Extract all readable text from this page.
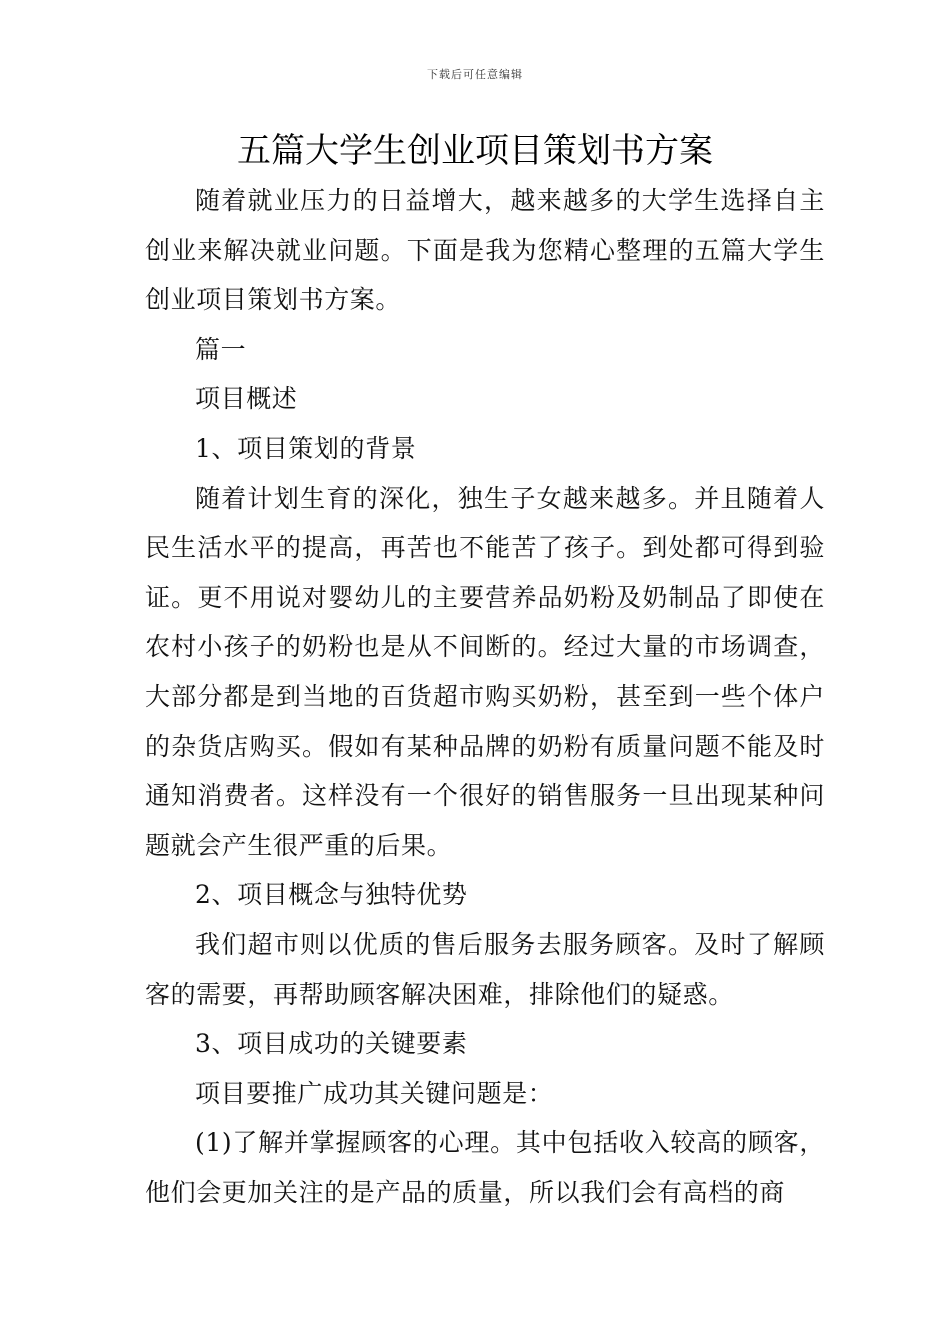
下载后可任意编辑
五篇大学生创业项目策划书方案

随着就业压力的日益增大，越来越多的大学生选择自主创业来解决就业问题。下面是我为您精心整理的五篇大学生创业项目策划书方案。

篇一

项目概述

1、项目策划的背景

随着计划生育的深化，独生子女越来越多。并且随着人民生活水平的提高，再苦也不能苦了孩子。到处都可得到验证。更不用说对婴幼儿的主要营养品奶粉及奶制品了即使在农村小孩子的奶粉也是从不间断的。经过大量的市场调查，大部分都是到当地的百货超市购买奶粉，甚至到一些个体户的杂货店购买。假如有某种品牌的奶粉有质量问题不能及时通知消费者。这样没有一个很好的销售服务一旦出现某种问题就会产生很严重的后果。

2、项目概念与独特优势

我们超市则以优质的售后服务去服务顾客。及时了解顾客的需要，再帮助顾客解决困难，排除他们的疑惑。

3、项目成功的关键要素

项目要推广成功其关键问题是：

(1)了解并掌握顾客的心理。其中包括收入较高的顾客，他们会更加关注的是产品的质量，所以我们会有高档的商
